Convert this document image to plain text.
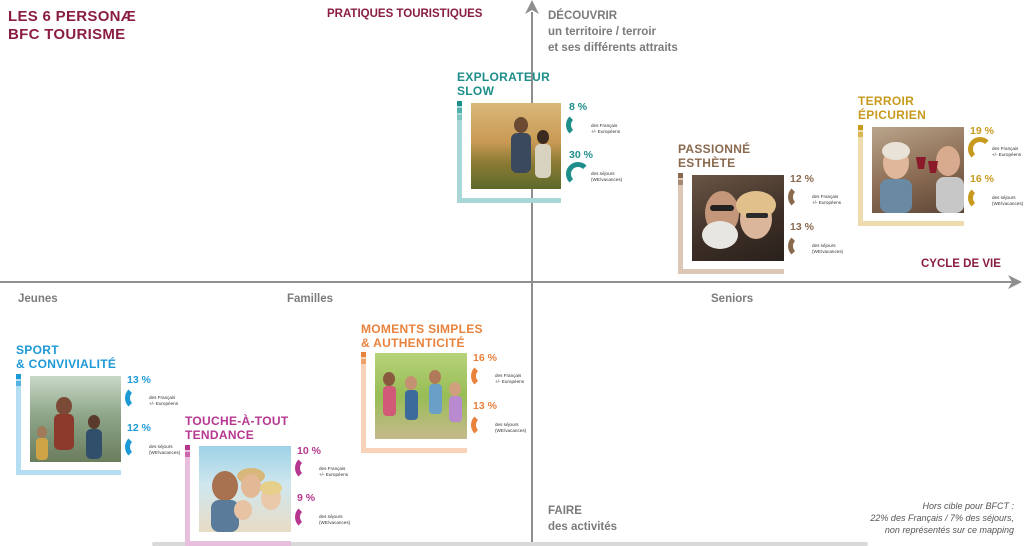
LES 6 PERSONÆ
BFC TOURISME
PRATIQUES TOURISTIQUES	DÉCOUVRIR
un territoire / terroir
et ses différents attraits
CYCLE DE VIE
Jeunes	Familles	Seniors
FAIRE
des activités
Hors cible pour BFCT :
22% des Français / 7% des séjours,
non représentés sur ce mapping
EXPLORATEUR
SLOW
8 %
des Français
+/- Européens
30 %
des séjours
(WE/vacances)
PASSIONNÉ
ESTHÈTE
12 %
des Français
+/- Européens
13 %
des séjours
(WE/vacances)
TERROIR
ÉPICURIEN
19 %
des Français
+/- Européens
16 %
des séjours
(WE/vacances)
SPORT
& CONVIVIALITÉ
13 %
des Français
+/- Européens
12 %
des séjours
(WE/vacances)
TOUCHE-À-TOUT
TENDANCE
10 %
des Français
+/- Européens
9 %
des séjours
(WE/vacances)
MOMENTS SIMPLES
& AUTHENTICITÉ
16 %
des Français
+/- Européens
13 %
des séjours
(WE/vacances)
